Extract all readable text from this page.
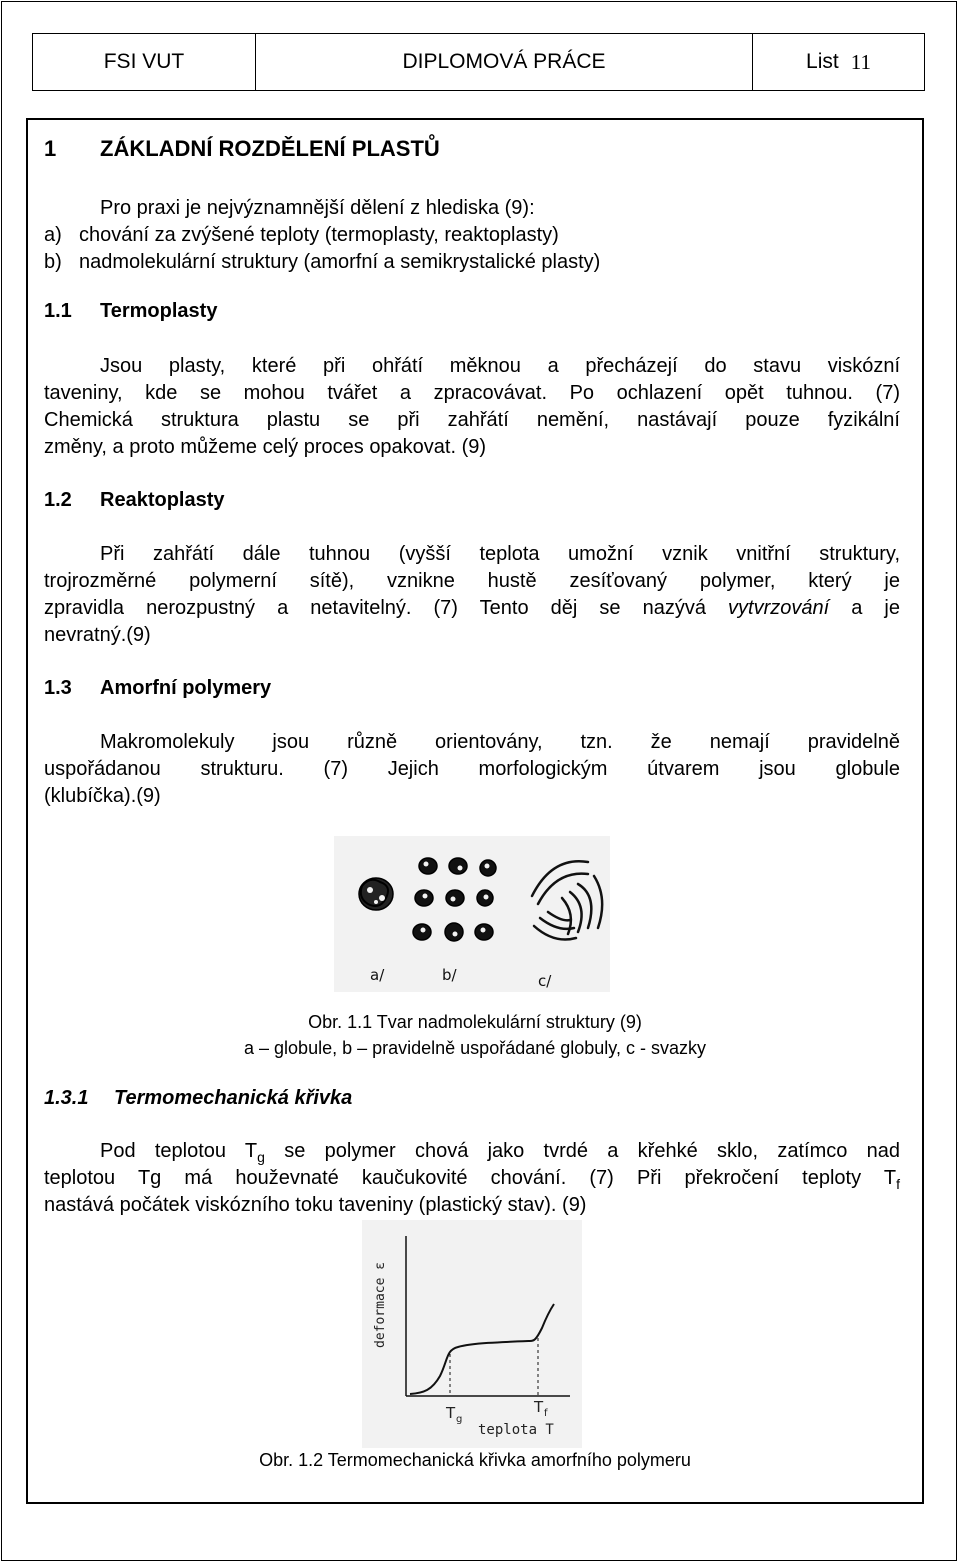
FSI VUT	DIPLOMOVÁ PRÁCE	List 11
1 ZÁKLADNÍ ROZDĚLENÍ PLASTŮ
Pro praxi je nejvýznamnější dělení z hlediska (9):
a) chování za zvýšené teploty (termoplasty, reaktoplasty)
b) nadmolekulární struktury (amorfní a semikrystalické plasty)
1.1 Termoplasty
Jsou plasty, které při ohřátí měknou a přecházejí do stavu viskózní
taveniny, kde se mohou tvářet a zpracovávat. Po ochlazení opět tuhnou. (7)
Chemická struktura plastu se při zahřátí nemění, nastávají pouze fyzikální
změny, a proto můžeme celý proces opakovat. (9)
1.2 Reaktoplasty
Při zahřátí dále tuhnou (vyšší teplota umožní vznik vnitřní struktury,
trojrozměrné polymerní sítě), vznikne hustě zesíťovaný polymer, který je
zpravidla nerozpustný a netavitelný. (7) Tento děj se nazývá vytvrzování a je
nevratný.(9)
1.3 Amorfní polymery
Makromolekuly jsou různě orientovány, tzn. že nemají pravidelně
uspořádanou strukturu. (7) Jejich morfologickým útvarem jsou globule
(klubíčka).(9)
a/	b/	c/
Obr. 1.1 Tvar nadmolekulární struktury (9)
a – globule, b – pravidelně uspořádané globuly, c - svazky
1.3.1 Termomechanická křivka
Pod teplotou $T_g$ se polymer chová jako tvrdé a křehké sklo, zatímco nad
teplotou Tg má houževnaté kaučukovité chování. (7) Při překročení teploty $T_f$
nastává počátek viskózního toku taveniny (plastický stav). (9)
deformace ε
T g
T f
teplota T
Obr. 1.2 Termomechanická křivka amorfního polymeru
